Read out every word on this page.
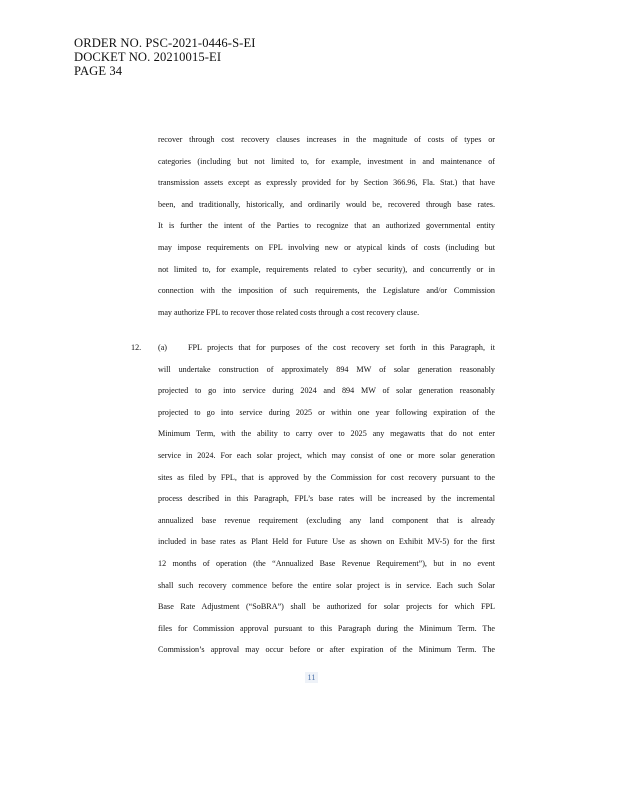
ORDER NO. PSC-2021-0446-S-EI
DOCKET NO. 20210015-EI
PAGE 34
recover through cost recovery clauses increases in the magnitude of costs of types or
categories (including but not limited to, for example, investment in and maintenance of
transmission assets except as expressly provided for by Section 366.96, Fla. Stat.) that have
been, and traditionally, historically, and ordinarily would be, recovered through base rates.
It is further the intent of the Parties to recognize that an authorized governmental entity
may impose requirements on FPL involving new or atypical kinds of costs (including but
not limited to, for example, requirements related to cyber security), and concurrently or in
connection with the imposition of such requirements, the Legislature and/or Commission
may authorize FPL to recover those related costs through a cost recovery clause.
12. (a)	FPL projects that for purposes of the cost recovery set forth in this Paragraph, it
will undertake construction of approximately 894 MW of solar generation reasonably
projected to go into service during 2024 and 894 MW of solar generation reasonably
projected to go into service during 2025 or within one year following expiration of the
Minimum Term, with the ability to carry over to 2025 any megawatts that do not enter
service in 2024. For each solar project, which may consist of one or more solar generation
sites as filed by FPL, that is approved by the Commission for cost recovery pursuant to the
process described in this Paragraph, FPL’s base rates will be increased by the incremental
annualized base revenue requirement (excluding any land component that is already
included in base rates as Plant Held for Future Use as shown on Exhibit MV-5) for the first
12 months of operation (the “Annualized Base Revenue Requirement”), but in no event
shall such recovery commence before the entire solar project is in service. Each such Solar
Base Rate Adjustment (“SoBRA”) shall be authorized for solar projects for which FPL
files for Commission approval pursuant to this Paragraph during the Minimum Term. The
Commission’s approval may occur before or after expiration of the Minimum Term. The
11
